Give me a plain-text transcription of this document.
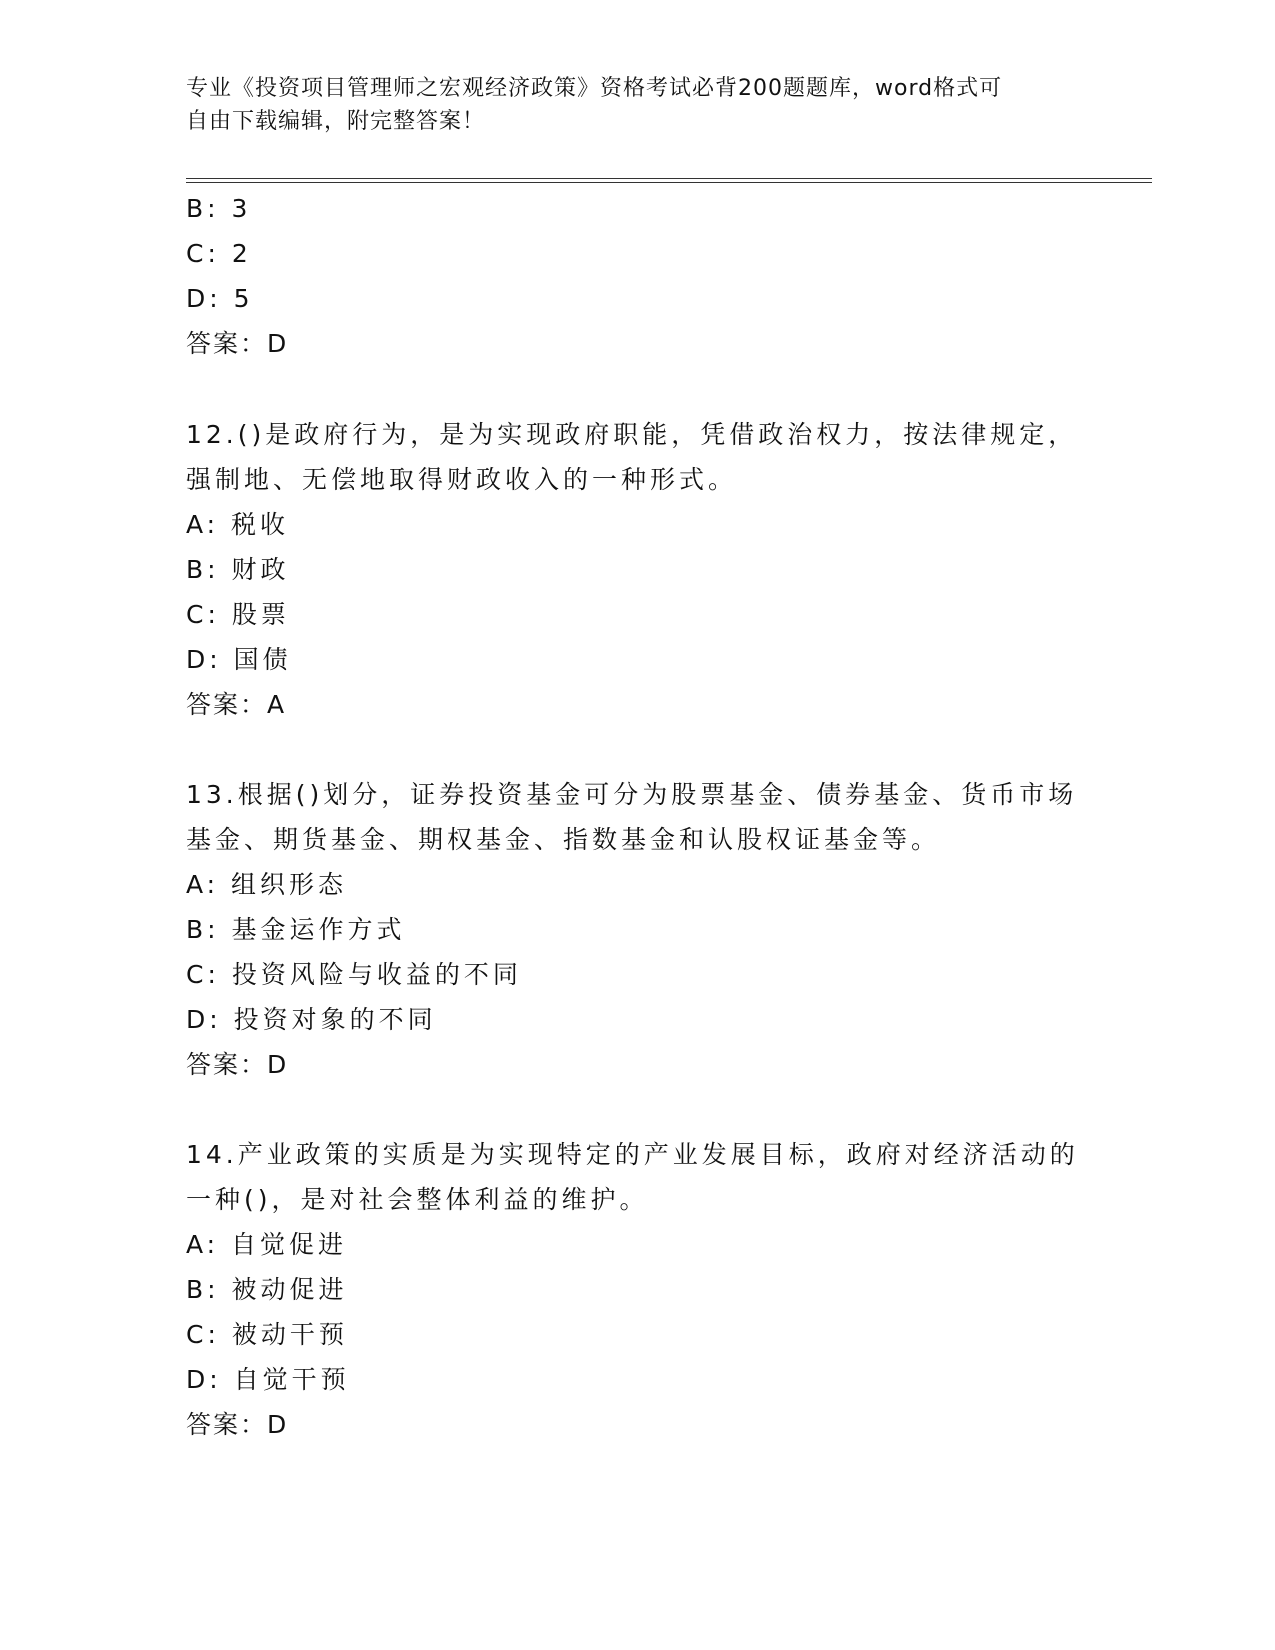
专业《投资项目管理师之宏观经济政策》资格考试必背200题题库，word格式可
自由下载编辑，附完整答案！
B: 3
C: 2
D: 5
答案：D
12.()是政府行为，是为实现政府职能，凭借政治权力，按法律规定，
强制地、无偿地取得财政收入的一种形式。
A: 税收
B: 财政
C: 股票
D: 国债
答案：A
13.根据()划分，证券投资基金可分为股票基金、债券基金、货币市场
基金、期货基金、期权基金、指数基金和认股权证基金等。
A: 组织形态
B: 基金运作方式
C: 投资风险与收益的不同
D: 投资对象的不同
答案：D
14.产业政策的实质是为实现特定的产业发展目标，政府对经济活动的
一种()，是对社会整体利益的维护。
A: 自觉促进
B: 被动促进
C: 被动干预
D: 自觉干预
答案：D
